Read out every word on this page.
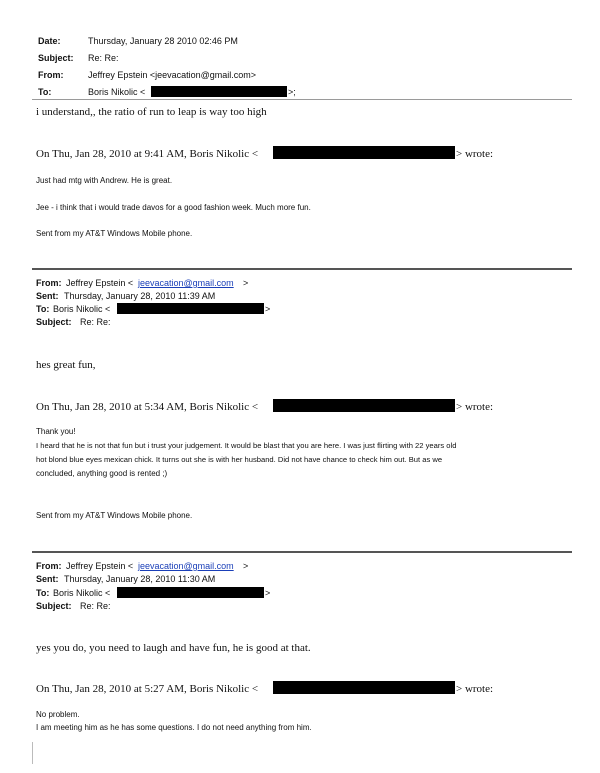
Date:	Thursday, January 28 2010 02:46 PM
Subject: Re: Re:
From:	Jeffrey Epstein <jeevacation@gmail.com>
To:	Boris Nikolic <	>;
i understand,, the ratio of run to leap is way too high
On Thu, Jan 28, 2010 at 9:41 AM, Boris Nikolic <	> wrote:
Just had mtg with Andrew. He is great.
Jee - i think that i would trade davos for a good fashion week. Much more fun.
Sent from my AT&T Windows Mobile phone.
From: Jeffrey Epstein < jeevacation@gmail.com >
Sent: Thursday, January 28, 2010 11:39 AM
To: Boris Nikolic <	>
Subject: Re: Re:
hes great fun,
On Thu, Jan 28, 2010 at 5:34 AM, Boris Nikolic <	> wrote:
Thank you!
I heard that he is not that fun but i trust your judgement. It would be blast that you are here. I was just flirting with 22 years old
hot blond blue eyes mexican chick. It turns out she is with her husband. Did not have chance to check him out. But as we
concluded, anything good is rented ;)
Sent from my AT&T Windows Mobile phone.
From: Jeffrey Epstein < jeevacation@gmail.com >
Sent: Thursday, January 28, 2010 11:30 AM
To: Boris Nikolic <	>
Subject: Re: Re:
yes you do, you need to laugh and have fun, he is good at that.
On Thu, Jan 28, 2010 at 5:27 AM, Boris Nikolic <	> wrote:
No problem.
I am meeting him as he has some questions. I do not need anything from him.
